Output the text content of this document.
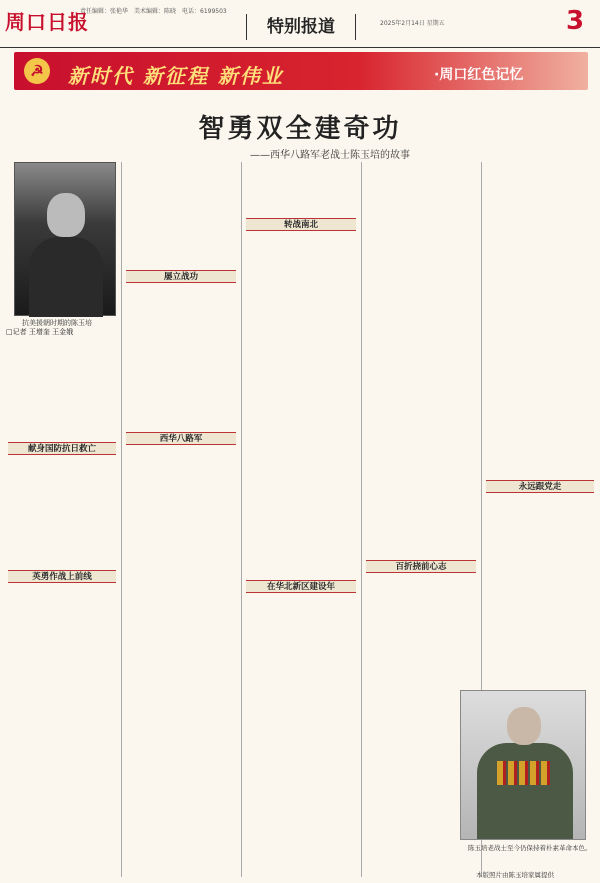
周口日报
责任编辑：张艳华　美术编辑：陈晓　电话：6199503
2025年2月14日 星期五
特别报道	3
☭	新时代 新征程 新伟业	·周口红色记忆
智勇双全建奇功
——西华八路军老战士陈玉培的故事
抗美援朝时期的陈玉培
□记者 王增奎 王金娥
献身国防抗日救亡
英勇作战上前线
屡立战功
西华八路军
转战南北
在华北新区建设年
百折挠前心志
永远跟党走
陈玉培老战士至今仍保持着朴素革命本色。
本版照片由陈玉培家属提供
